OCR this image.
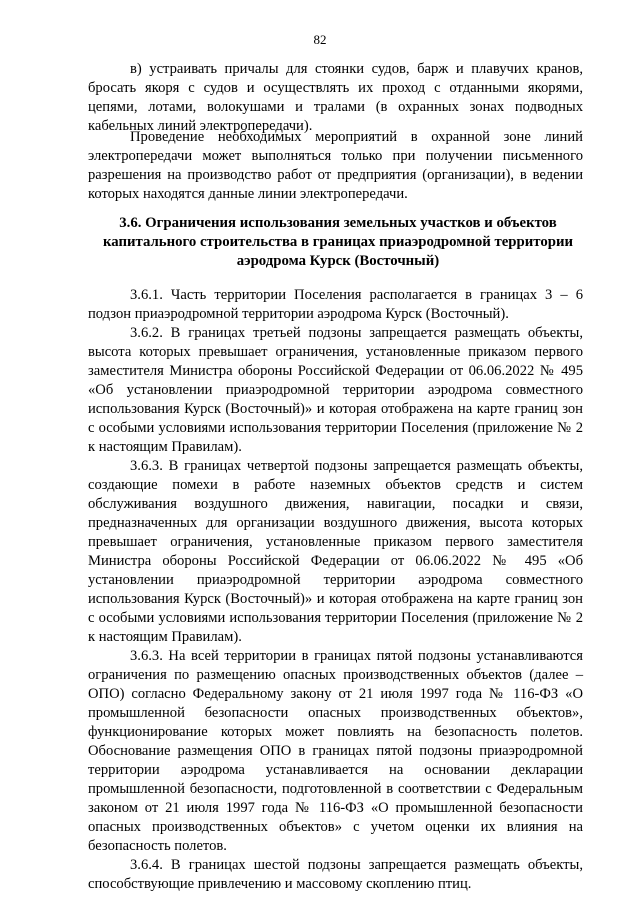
82

в) устраивать причалы для стоянки судов, барж и плавучих кранов, бросать якоря с судов и осуществлять их проход с отданными якорями, цепями, лотами, волокушами и тралами (в охранных зонах подводных кабельных линий электропередачи).

Проведение необходимых мероприятий в охранной зоне линий электропередачи может выполняться только при получении письменного разрешения на производство работ от предприятия (организации), в ведении которых находятся данные линии электропередачи.

3.6. Ограничения использования земельных участков и объектов капитального строительства в границах приаэродромной территории аэродрома Курск (Восточный)

3.6.1. Часть территории Поселения располагается в границах 3 – 6 подзон приаэродромной территории аэродрома Курск (Восточный).

3.6.2. В границах третьей подзоны запрещается размещать объекты, высота которых превышает ограничения, установленные приказом первого заместителя Министра обороны Российской Федерации от 06.06.2022 № 495 «Об установлении приаэродромной территории аэродрома совместного использования Курск (Восточный)» и которая отображена на карте границ зон с особыми условиями использования территории Поселения (приложение № 2 к настоящим Правилам).

3.6.3. В границах четвертой подзоны запрещается размещать объекты, создающие помехи в работе наземных объектов средств и систем обслуживания воздушного движения, навигации, посадки и связи, предназначенных для организации воздушного движения, высота которых превышает ограничения, установленные приказом первого заместителя Министра обороны Российской Федерации от 06.06.2022 № 495 «Об установлении приаэродромной территории аэродрома совместного использования Курск (Восточный)» и которая отображена на карте границ зон с особыми условиями использования территории Поселения (приложение № 2 к настоящим Правилам).

3.6.3. На всей территории в границах пятой подзоны устанавливаются ограничения по размещению опасных производственных объектов (далее – ОПО) согласно Федеральному закону от 21 июля 1997 года № 116-ФЗ «О промышленной безопасности опасных производственных объектов», функционирование которых может повлиять на безопасность полетов. Обоснование размещения ОПО в границах пятой подзоны приаэродромной территории аэродрома устанавливается на основании декларации промышленной безопасности, подготовленной в соответствии с Федеральным законом от 21 июля 1997 года № 116-ФЗ «О промышленной безопасности опасных производственных объектов» с учетом оценки их влияния на безопасность полетов.

3.6.4. В границах шестой подзоны запрещается размещать объекты, способствующие привлечению и массовому скоплению птиц.
